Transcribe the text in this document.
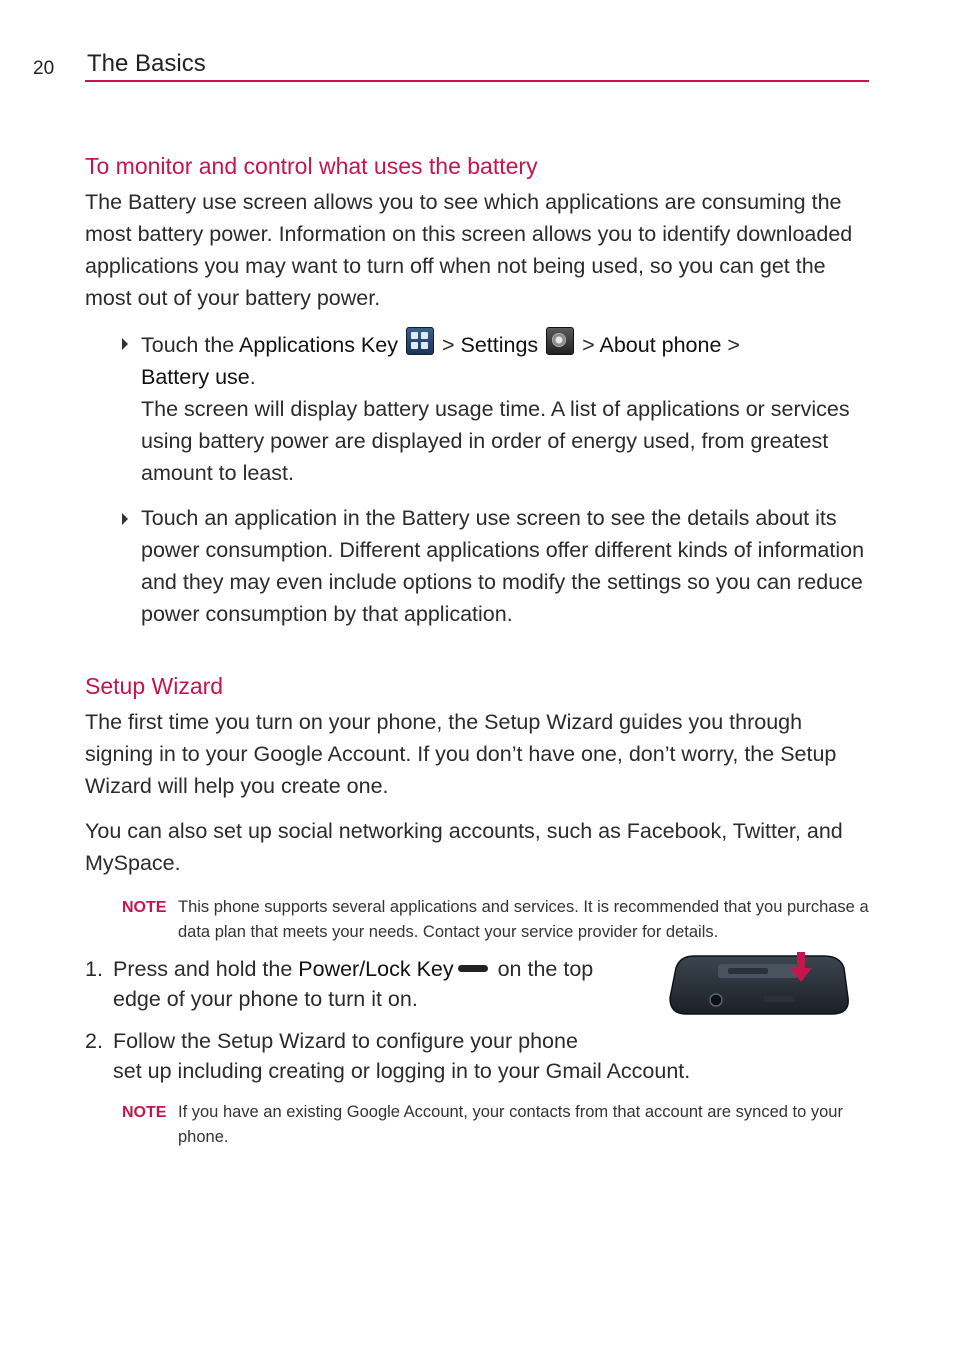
20 The Basics
To monitor and control what uses the battery

The Battery use screen allows you to see which applications are consuming the most battery power. Information on this screen allows you to identify downloaded applications you may want to turn off when not being used, so you can get the most out of your battery power.

Touch the Applications Key
> Settings
> About phone >
Battery use.

The screen will display battery usage time. A list of applications or services using battery power are displayed in order of energy used, from greatest amount to least.

Touch an application in the Battery use screen to see the details about its power consumption. Different applications offer different kinds of information and they may even include options to modify the settings so you can reduce power consumption by that application.

Setup Wizard

The first time you turn on your phone, the Setup Wizard guides you through signing in to your Google Account. If you don’t have one, don’t worry, the Setup Wizard will help you create one.

You can also set up social networking accounts, such as Facebook, Twitter, and MySpace.

NOTE This phone supports several applications and services. It is recommended that you purchase a data plan that meets your needs. Contact your service provider for details.
1. Press and hold the Power/Lock Key on the top edge of your phone to turn it on.
2. Follow the Setup Wizard to configure your phone
set up including creating or logging in to your Gmail Account.
NOTE If you have an existing Google Account, your contacts from that account are synced to your phone.
